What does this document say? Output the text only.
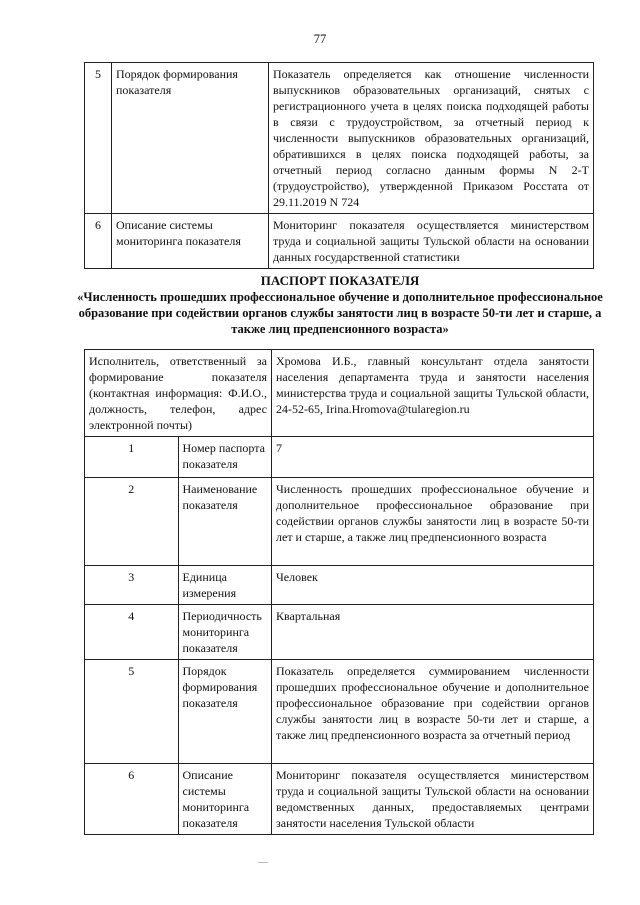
77
5	Порядок формирования показателя	Показатель определяется как отношение численности выпускников образовательных организаций, снятых с регистрационного учета в целях поиска подходящей работы в связи с трудоустройством, за отчетный период к численности выпускников образовательных организаций, обратившихся в целях поиска подходящей работы, за отчетный период согласно данным формы N 2-Т (трудоустройство), утвержденной Приказом Росстата от 29.11.2019 N 724
6	Описание системы мониторинга показателя	Мониторинг показателя осуществляется министерством труда и социальной защиты Тульской области на основании данных государственной статистики
ПАСПОРТ ПОКАЗАТЕЛЯ
«Численность прошедших профессиональное обучение и дополнительное профессиональное образование при содействии органов службы занятости лиц в возрасте 50-ти лет и старше, а также лиц предпенсионного возраста»
Исполнитель, ответственный за формирование показателя (контактная информация: Ф.И.О., должность, телефон, адрес электронной почты)		Хромова И.Б., главный консультант отдела занятости населения департамента труда и занятости населения министерства труда и социальной защиты Тульской области, 24-52-65, Irina.Hromova@tularegion.ru
1	Номер паспорта показателя	7
2	Наименование показателя	Численность прошедших профессиональное обучение и дополнительное профессиональное образование при содействии органов службы занятости лиц в возрасте 50-ти лет и старше, а также лиц предпенсионного возраста
3	Единица измерения	Человек
4	Периодичность мониторинга показателя	Квартальная
5	Порядок формирования показателя	Показатель определяется суммированием численности прошедших профессиональное обучение и дополнительное профессиональное образование при содействии органов службы занятости лиц в возрасте 50-ти лет и старше, а также лиц предпенсионного возраста за отчетный период
6	Описание системы мониторинга показателя	Мониторинг показателя осуществляется министерством труда и социальной защиты Тульской области на основании ведомственных данных, предоставляемых центрами занятости населения Тульской области
